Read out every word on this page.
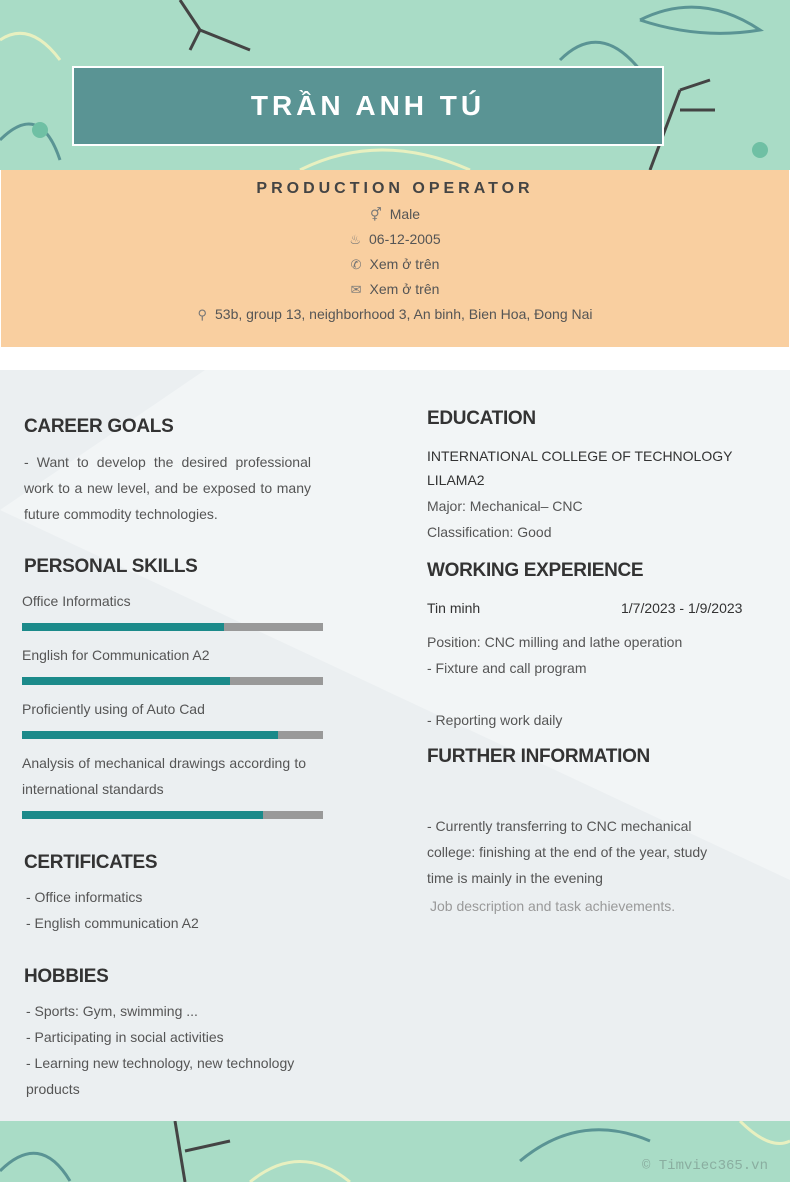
TRẦN ANH TÚ
PRODUCTION OPERATOR
⚥ Male
♨ 06-12-2005
✆ Xem ở trên
✉ Xem ở trên
⚲ 53b, group 13, neighborhood 3, An binh, Bien Hoa, Đong Nai
CAREER GOALS
- Want to develop the desired professional work to a new level, and be exposed to many future commodity technologies.
PERSONAL SKILLS
Office Informatics
English for Communication A2
Proficiently using of Auto Cad
Analysis of mechanical drawings according to international standards
CERTIFICATES
- Office informatics
- English communication A2
HOBBIES
- Sports: Gym, swimming ...
- Participating in social activities
- Learning new technology, new technology products
EDUCATION
INTERNATIONAL COLLEGE OF TECHNOLOGY
LILAMA2
Major: Mechanical– CNC
Classification: Good
WORKING EXPERIENCE
Tin minh	1/7/2023 - 1/9/2023
Position: CNC milling and lathe operation
- Fixture and call program
- Reporting work daily
FURTHER INFORMATION
- Currently transferring to CNC mechanical college: finishing at the end of the year, study time is mainly in the evening
Job description and task achievements.
© Timviec365.vn
